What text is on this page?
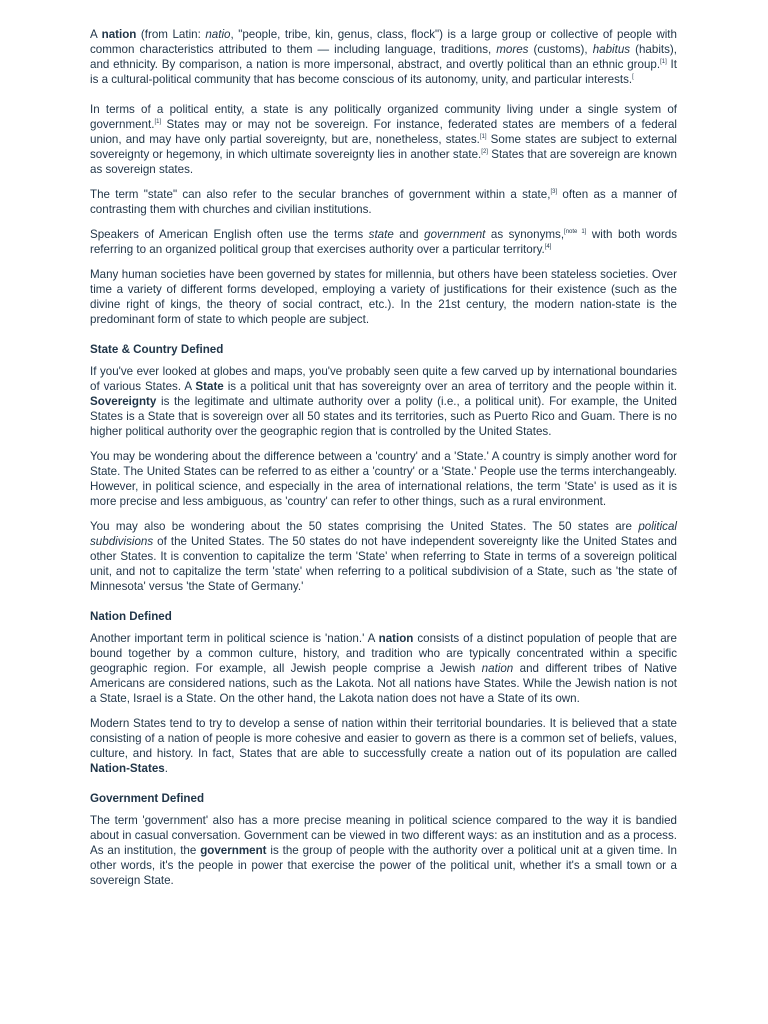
A nation (from Latin: natio, "people, tribe, kin, genus, class, flock") is a large group or collective of people with common characteristics attributed to them — including language, traditions, mores (customs), habitus (habits), and ethnicity. By comparison, a nation is more impersonal, abstract, and overtly political than an ethnic group.[1] It is a cultural-political community that has become conscious of its autonomy, unity, and particular interests.[

In terms of a political entity, a state is any politically organized community living under a single system of government.[1] States may or may not be sovereign. For instance, federated states are members of a federal union, and may have only partial sovereignty, but are, nonetheless, states.[1] Some states are subject to external sovereignty or hegemony, in which ultimate sovereignty lies in another state.[2] States that are sovereign are known as sovereign states.

The term "state" can also refer to the secular branches of government within a state,[3] often as a manner of contrasting them with churches and civilian institutions.

Speakers of American English often use the terms state and government as synonyms,[note 1] with both words referring to an organized political group that exercises authority over a particular territory.[4]

Many human societies have been governed by states for millennia, but others have been stateless societies. Over time a variety of different forms developed, employing a variety of justifications for their existence (such as the divine right of kings, the theory of social contract, etc.). In the 21st century, the modern nation-state is the predominant form of state to which people are subject.

State & Country Defined

If you've ever looked at globes and maps, you've probably seen quite a few carved up by international boundaries of various States. A State is a political unit that has sovereignty over an area of territory and the people within it. Sovereignty is the legitimate and ultimate authority over a polity (i.e., a political unit). For example, the United States is a State that is sovereign over all 50 states and its territories, such as Puerto Rico and Guam. There is no higher political authority over the geographic region that is controlled by the United States.

You may be wondering about the difference between a 'country' and a 'State.' A country is simply another word for State. The United States can be referred to as either a 'country' or a 'State.' People use the terms interchangeably. However, in political science, and especially in the area of international relations, the term 'State' is used as it is more precise and less ambiguous, as 'country' can refer to other things, such as a rural environment.

You may also be wondering about the 50 states comprising the United States. The 50 states are political subdivisions of the United States. The 50 states do not have independent sovereignty like the United States and other States. It is convention to capitalize the term 'State' when referring to State in terms of a sovereign political unit, and not to capitalize the term 'state' when referring to a political subdivision of a State, such as 'the state of Minnesota' versus 'the State of Germany.'

Nation Defined

Another important term in political science is 'nation.' A nation consists of a distinct population of people that are bound together by a common culture, history, and tradition who are typically concentrated within a specific geographic region. For example, all Jewish people comprise a Jewish nation and different tribes of Native Americans are considered nations, such as the Lakota. Not all nations have States. While the Jewish nation is not a State, Israel is a State. On the other hand, the Lakota nation does not have a State of its own.

Modern States tend to try to develop a sense of nation within their territorial boundaries. It is believed that a state consisting of a nation of people is more cohesive and easier to govern as there is a common set of beliefs, values, culture, and history. In fact, States that are able to successfully create a nation out of its population are called Nation-States.

Government Defined

The term 'government' also has a more precise meaning in political science compared to the way it is bandied about in casual conversation. Government can be viewed in two different ways: as an institution and as a process. As an institution, the government is the group of people with the authority over a political unit at a given time. In other words, it's the people in power that exercise the power of the political unit, whether it's a small town or a sovereign State.
